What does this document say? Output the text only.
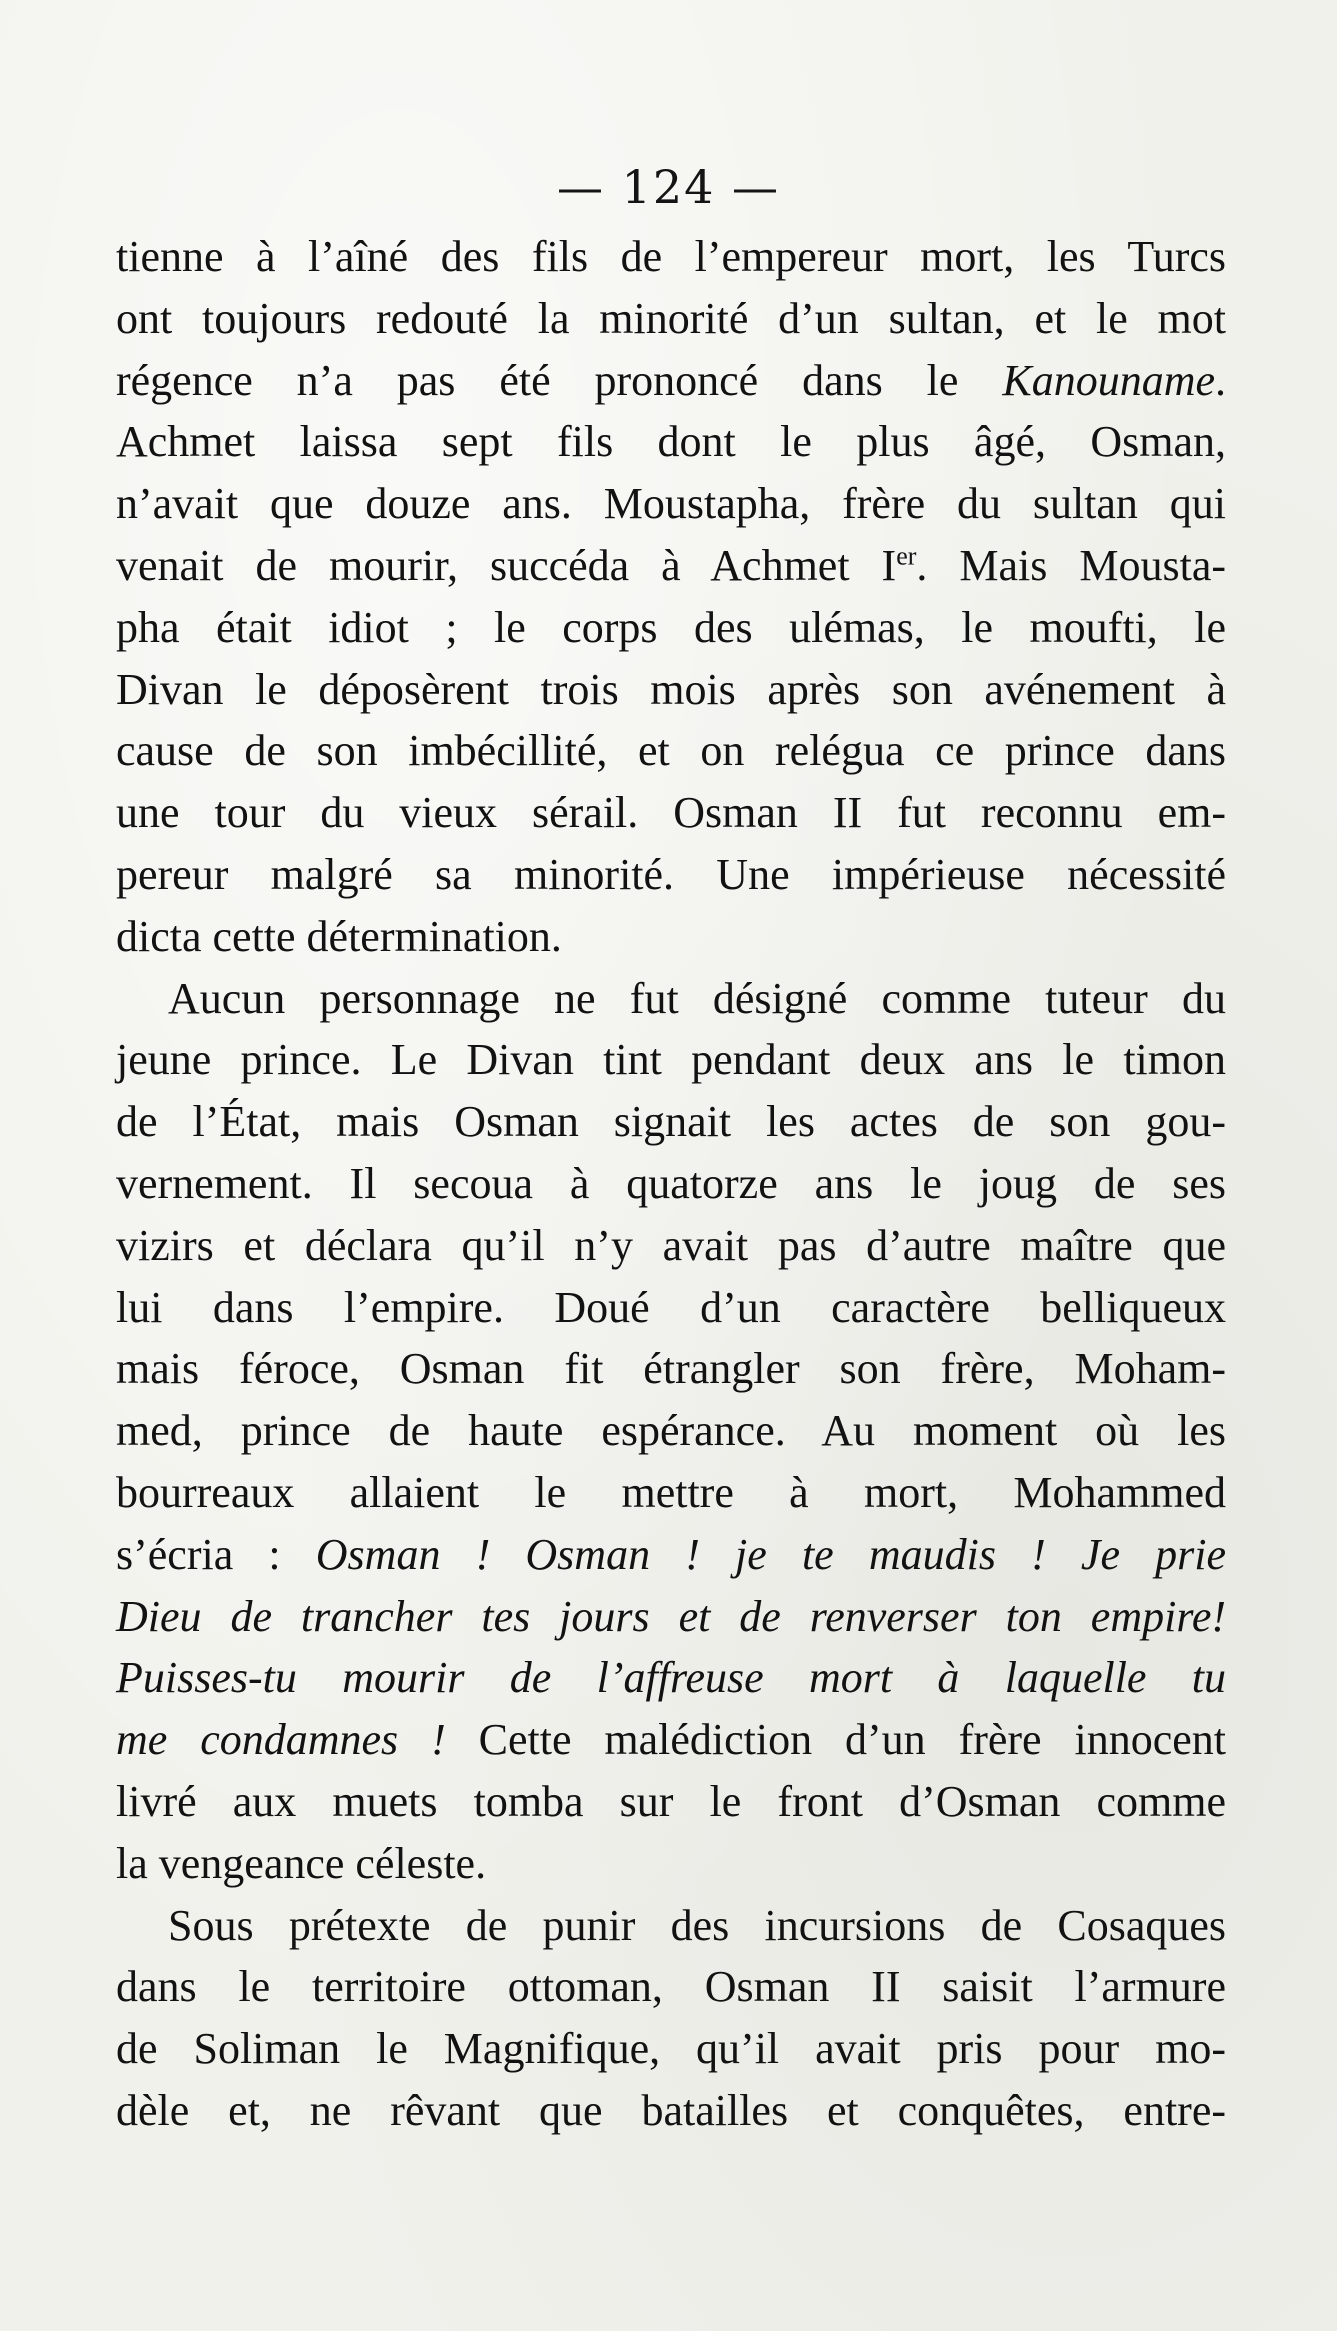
— 124 —
tienne à l’aîné des fils de l’empereur mort, les Turcs
ont toujours redouté la minorité d’un sultan, et le mot
régence n’a pas été prononcé dans le Kanouname.
Achmet laissa sept fils dont le plus âgé, Osman,
n’avait que douze ans. Moustapha, frère du sultan qui
venait de mourir, succéda à Achmet Ier. Mais Mousta-
pha était idiot ; le corps des ulémas, le moufti, le
Divan le déposèrent trois mois après son avénement à
cause de son imbécillité, et on relégua ce prince dans
une tour du vieux sérail. Osman II fut reconnu em-
pereur malgré sa minorité. Une impérieuse nécessité
dicta cette détermination.
Aucun personnage ne fut désigné comme tuteur du
jeune prince. Le Divan tint pendant deux ans le timon
de l’État, mais Osman signait les actes de son gou-
vernement. Il secoua à quatorze ans le joug de ses
vizirs et déclara qu’il n’y avait pas d’autre maître que
lui dans l’empire. Doué d’un caractère belliqueux
mais féroce, Osman fit étrangler son frère, Moham-
med, prince de haute espérance. Au moment où les
bourreaux allaient le mettre à mort, Mohammed
s’écria : Osman ! Osman ! je te maudis ! Je prie
Dieu de trancher tes jours et de renverser ton empire!
Puisses-tu mourir de l’affreuse mort à laquelle tu
me condamnes ! Cette malédiction d’un frère innocent
livré aux muets tomba sur le front d’Osman comme
la vengeance céleste.
Sous prétexte de punir des incursions de Cosaques
dans le territoire ottoman, Osman II saisit l’armure
de Soliman le Magnifique, qu’il avait pris pour mo-
dèle et, ne rêvant que batailles et conquêtes, entre-
